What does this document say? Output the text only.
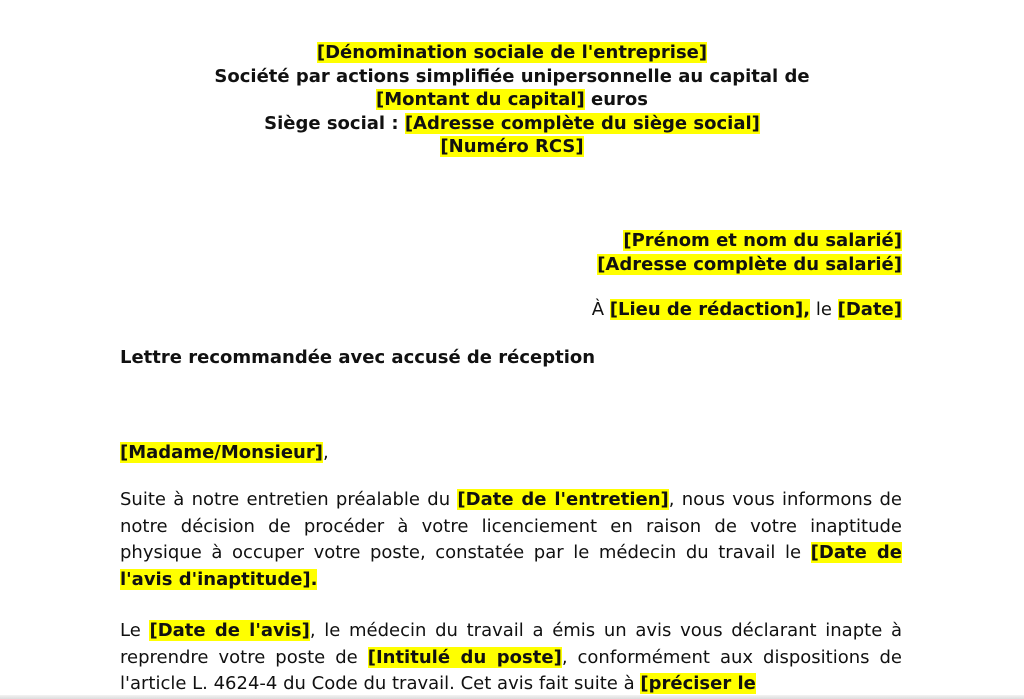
[Dénomination sociale de l'entreprise]
Société par actions simplifiée unipersonnelle au capital de
[Montant du capital] euros
Siège social : [Adresse complète du siège social]
[Numéro RCS]
[Prénom et nom du salarié]
[Adresse complète du salarié]
À [Lieu de rédaction], le [Date]
Lettre recommandée avec accusé de réception
[Madame/Monsieur],
Suite à notre entretien préalable du [Date de l'entretien], nous vous informons de notre décision de procéder à votre licenciement en raison de votre inaptitude physique à occuper votre poste, constatée par le médecin du travail le [Date de l'avis d'inaptitude].
Le [Date de l'avis], le médecin du travail a émis un avis vous déclarant inapte à reprendre votre poste de [Intitulé du poste], conformément aux dispositions de l'article L. 4624-4 du Code du travail. Cet avis fait suite à [préciser le
